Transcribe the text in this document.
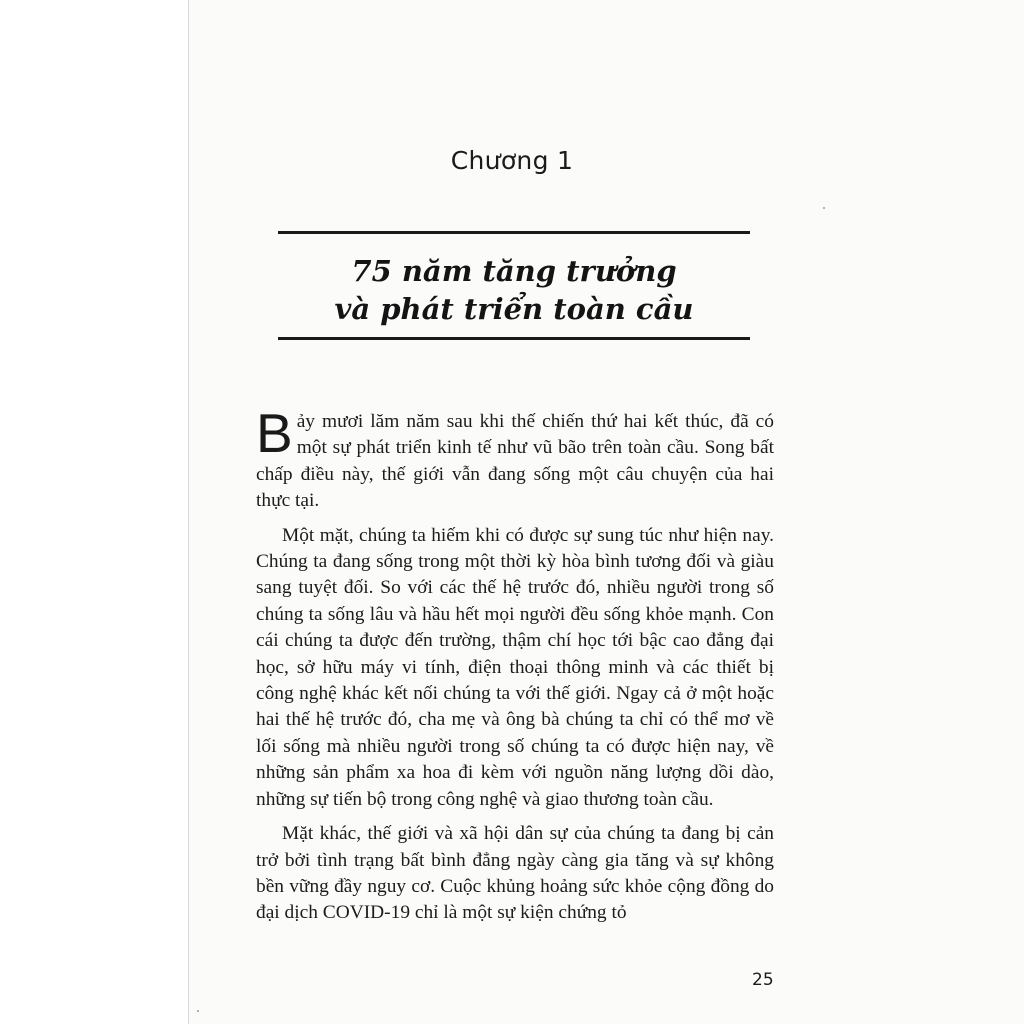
Chương 1
75 năm tăng trưởng
và phát triển toàn cầu

Bảy mươi lăm năm sau khi thế chiến thứ hai kết thúc, đã có một sự phát triển kinh tế như vũ bão trên toàn cầu. Song bất chấp điều này, thế giới vẫn đang sống một câu chuyện của hai thực tại.

Một mặt, chúng ta hiếm khi có được sự sung túc như hiện nay. Chúng ta đang sống trong một thời kỳ hòa bình tương đối và giàu sang tuyệt đối. So với các thế hệ trước đó, nhiều người trong số chúng ta sống lâu và hầu hết mọi người đều sống khỏe mạnh. Con cái chúng ta được đến trường, thậm chí học tới bậc cao đẳng đại học, sở hữu máy vi tính, điện thoại thông minh và các thiết bị công nghệ khác kết nối chúng ta với thế giới. Ngay cả ở một hoặc hai thế hệ trước đó, cha mẹ và ông bà chúng ta chỉ có thể mơ về lối sống mà nhiều người trong số chúng ta có được hiện nay, về những sản phẩm xa hoa đi kèm với nguồn năng lượng dồi dào, những sự tiến bộ trong công nghệ và giao thương toàn cầu.

Mặt khác, thế giới và xã hội dân sự của chúng ta đang bị cản trở bởi tình trạng bất bình đẳng ngày càng gia tăng và sự không bền vững đầy nguy cơ. Cuộc khủng hoảng sức khỏe cộng đồng do đại dịch COVID-19 chỉ là một sự kiện chứng tỏ

25
